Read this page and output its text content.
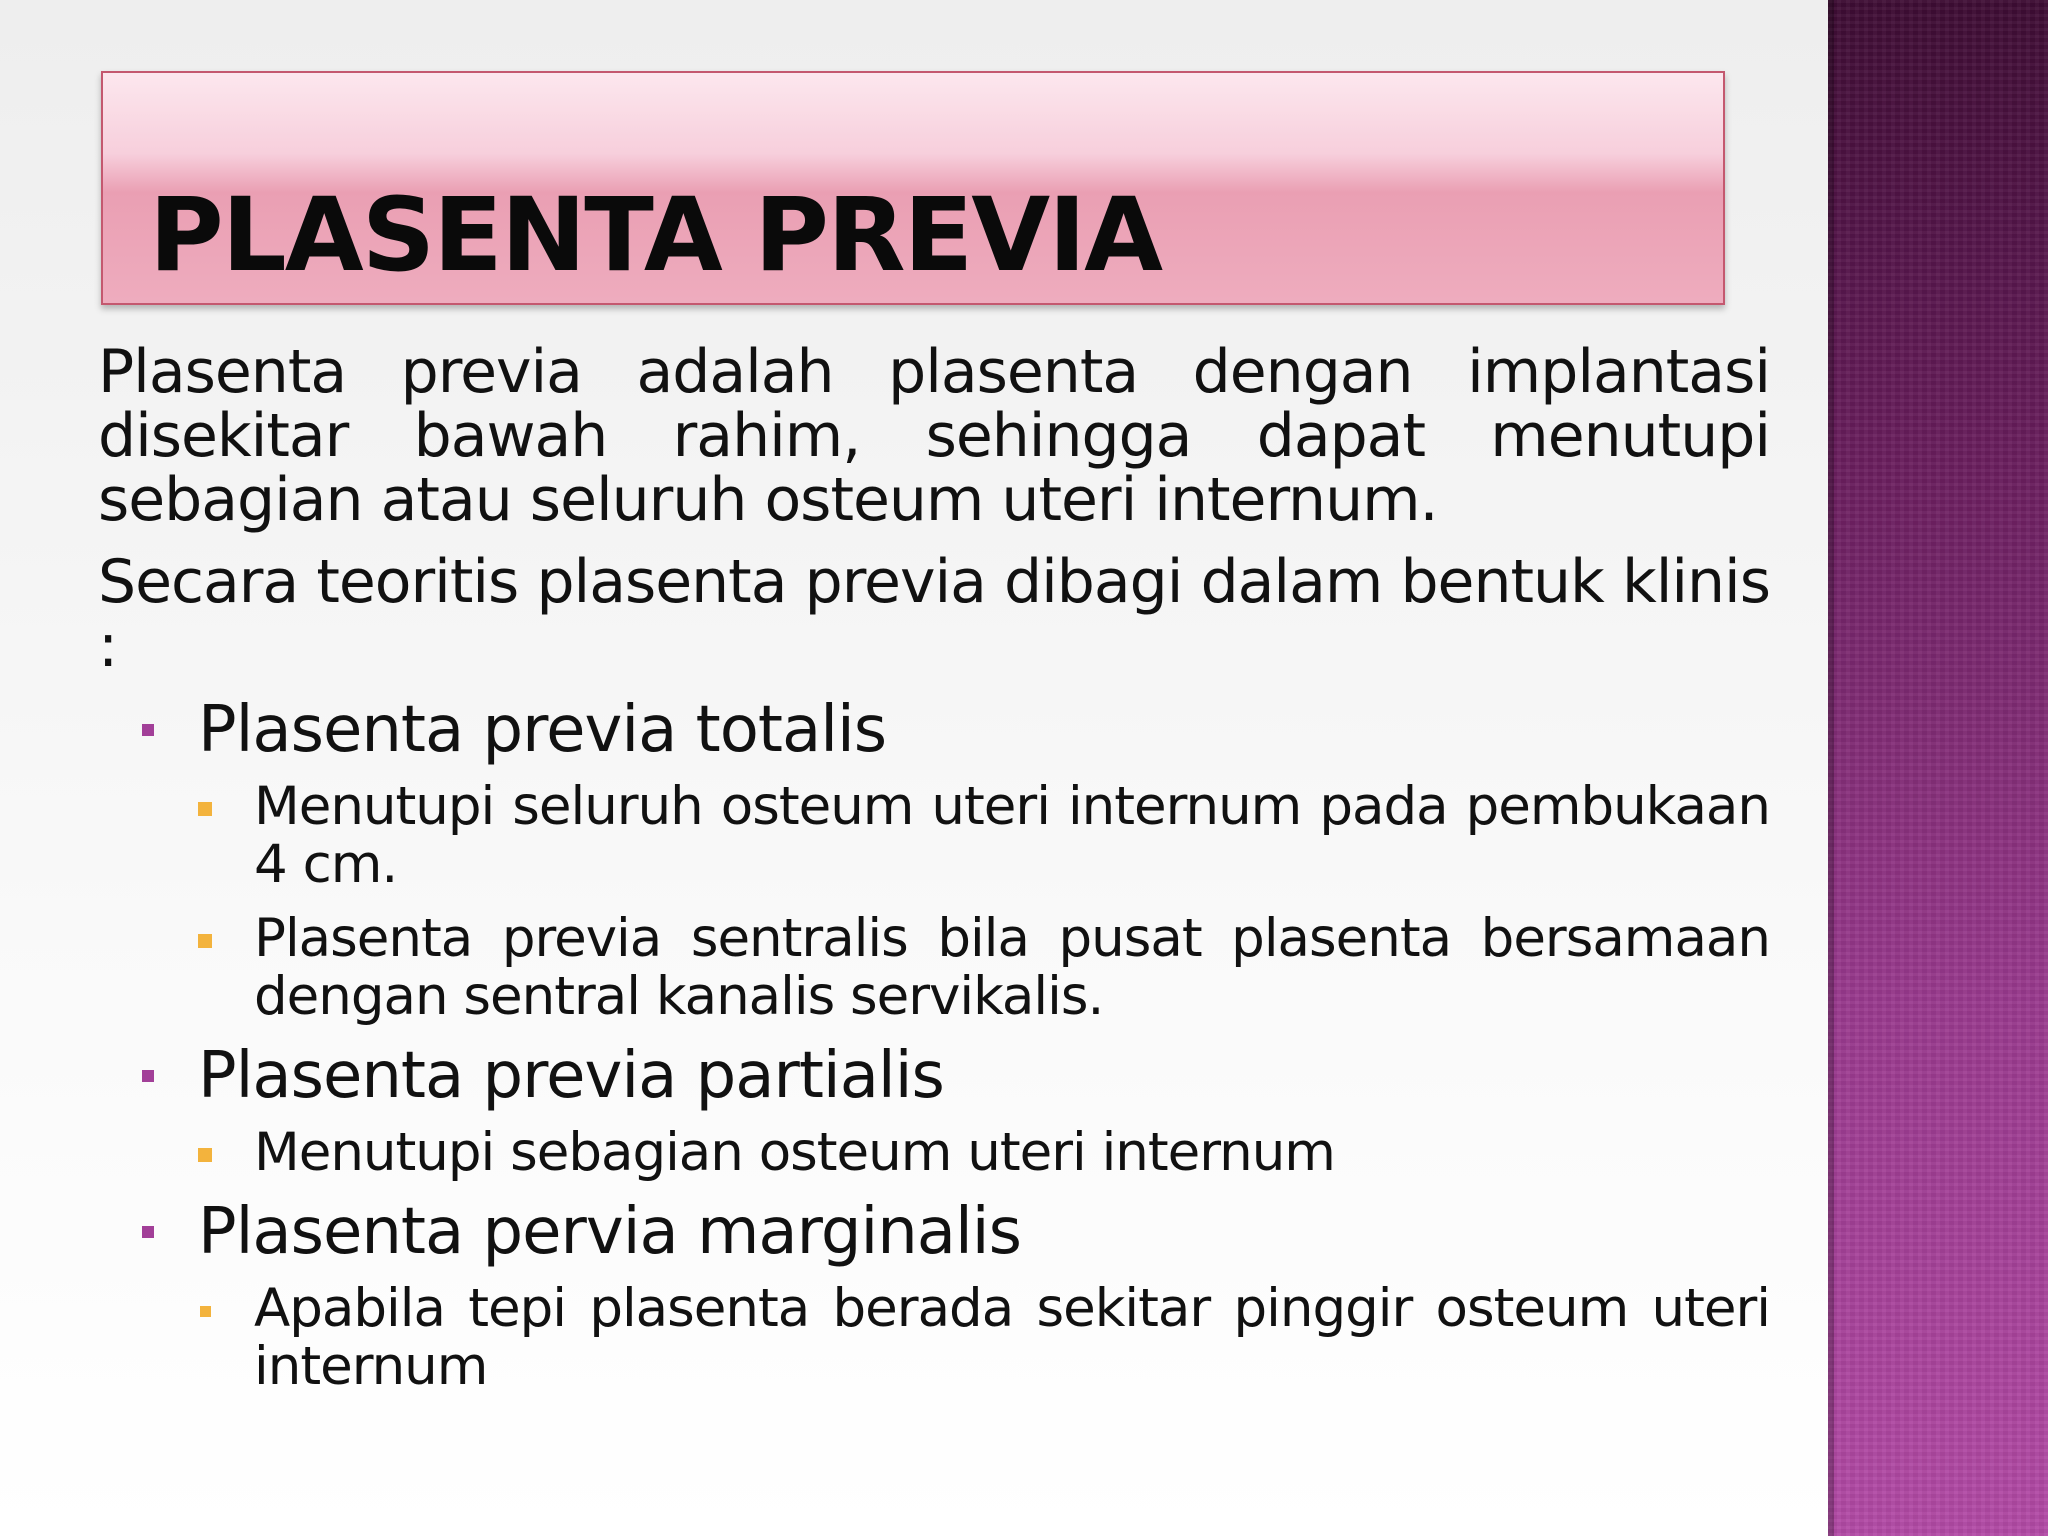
PLASENTA PREVIA

Plasenta previa adalah plasenta dengan implantasi disekitar bawah rahim, sehingga dapat menutupi sebagian atau seluruh osteum uteri internum.

Secara teoritis plasenta previa dibagi dalam bentuk klinis :

Plasenta previa totalis
Menutupi seluruh osteum uteri internum pada pembukaan 4 cm.
Plasenta previa sentralis bila pusat plasenta bersamaan dengan sentral kanalis servikalis.
Plasenta previa partialis
Menutupi sebagian osteum uteri internum
Plasenta pervia marginalis
Apabila tepi plasenta berada sekitar pinggir osteum uteri internum
